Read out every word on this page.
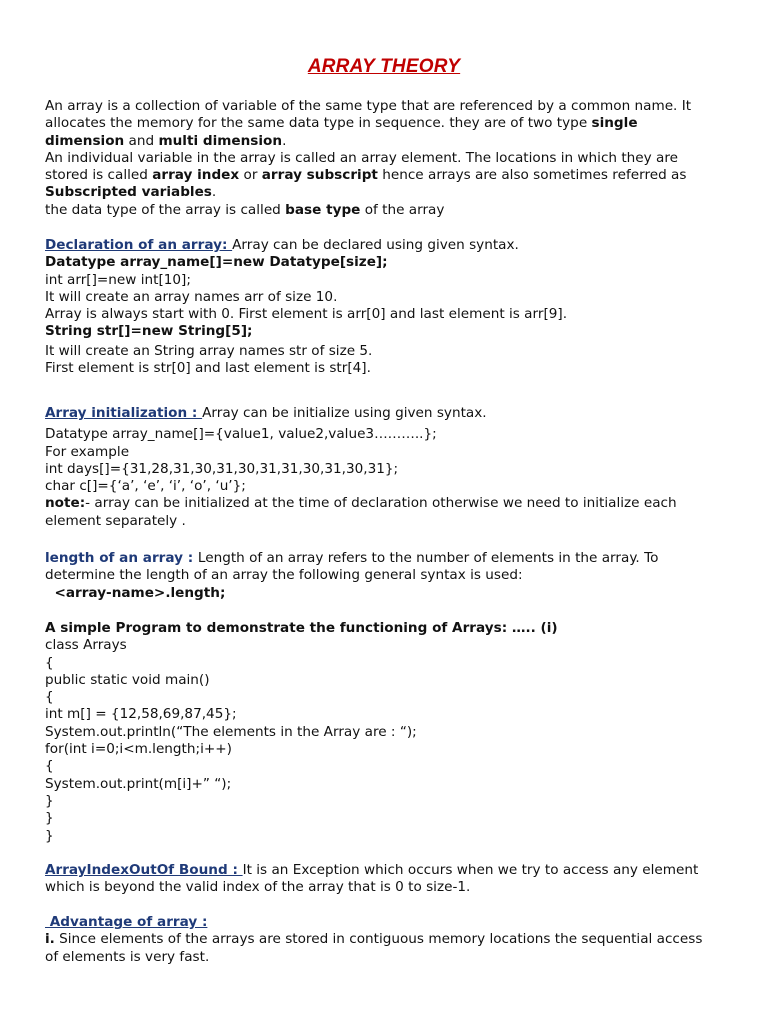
ARRAY THEORY
An array is a collection of variable of the same type that are referenced by a common name. It
allocates the memory for the same data type in sequence. they are of two type single
dimension and multi dimension.
An individual variable in the array is called an array element. The locations in which they are
stored is called array index or array subscript hence arrays are also sometimes referred as
Subscripted variables.
the data type of the array is called base type of the array
Declaration of an array: Array can be declared using given syntax.
Datatype array_name[]=new Datatype[size];
int arr[]=new int[10];
It will create an array names arr of size 10.
Array is always start with 0. First element is arr[0] and last element is arr[9].
String str[]=new String[5];
It will create an String array names str of size 5.
First element is str[0] and last element is str[4].
Array initialization : Array can be initialize using given syntax.
Datatype array_name[]={value1, value2,value3………..};
For example
int days[]={31,28,31,30,31,30,31,31,30,31,30,31};
char c[]={‘a’, ‘e’, ‘i’, ‘o’, ‘u’};
note:- array can be initialized at the time of declaration otherwise we need to initialize each
element separately .
length of an array : Length of an array refers to the number of elements in the array. To
determine the length of an array the following general syntax is used:
<array-name>.length;
A simple Program to demonstrate the functioning of Arrays: ….. (i)
class Arrays
{
public static void main()
{
int m[] = {12,58,69,87,45};
System.out.println(“The elements in the Array are : “);
for(int i=0;i<m.length;i++)
{
System.out.print(m[i]+” “);
}
}
}
ArrayIndexOutOf Bound : It is an Exception which occurs when we try to access any element
which is beyond the valid index of the array that is 0 to size-1.
Advantage of array :
i. Since elements of the arrays are stored in contiguous memory locations the sequential access
of elements is very fast.
